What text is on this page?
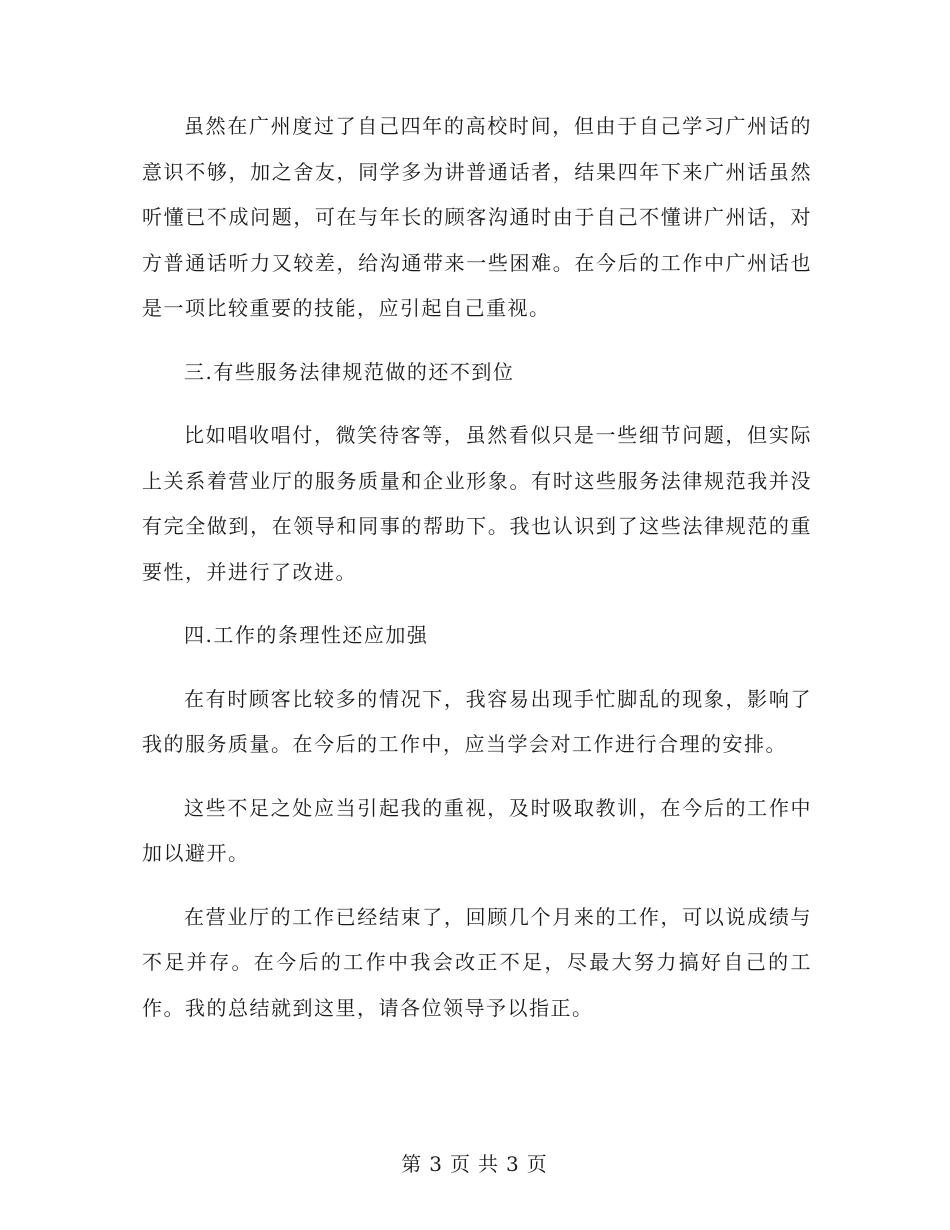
虽然在广州度过了自己四年的高校时间，但由于自己学习广州话的意识不够，加之舍友，同学多为讲普通话者，结果四年下来广州话虽然听懂已不成问题，可在与年长的顾客沟通时由于自己不懂讲广州话，对方普通话听力又较差，给沟通带来一些困难。在今后的工作中广州话也是一项比较重要的技能，应引起自己重视。

三.有些服务法律规范做的还不到位

比如唱收唱付，微笑待客等，虽然看似只是一些细节问题，但实际上关系着营业厅的服务质量和企业形象。有时这些服务法律规范我并没有完全做到，在领导和同事的帮助下。我也认识到了这些法律规范的重要性，并进行了改进。

四.工作的条理性还应加强

在有时顾客比较多的情况下，我容易出现手忙脚乱的现象，影响了我的服务质量。在今后的工作中，应当学会对工作进行合理的安排。

这些不足之处应当引起我的重视，及时吸取教训，在今后的工作中加以避开。

在营业厅的工作已经结束了，回顾几个月来的工作，可以说成绩与不足并存。在今后的工作中我会改正不足，尽最大努力搞好自己的工作。我的总结就到这里，请各位领导予以指正。

第 3 页 共 3 页
